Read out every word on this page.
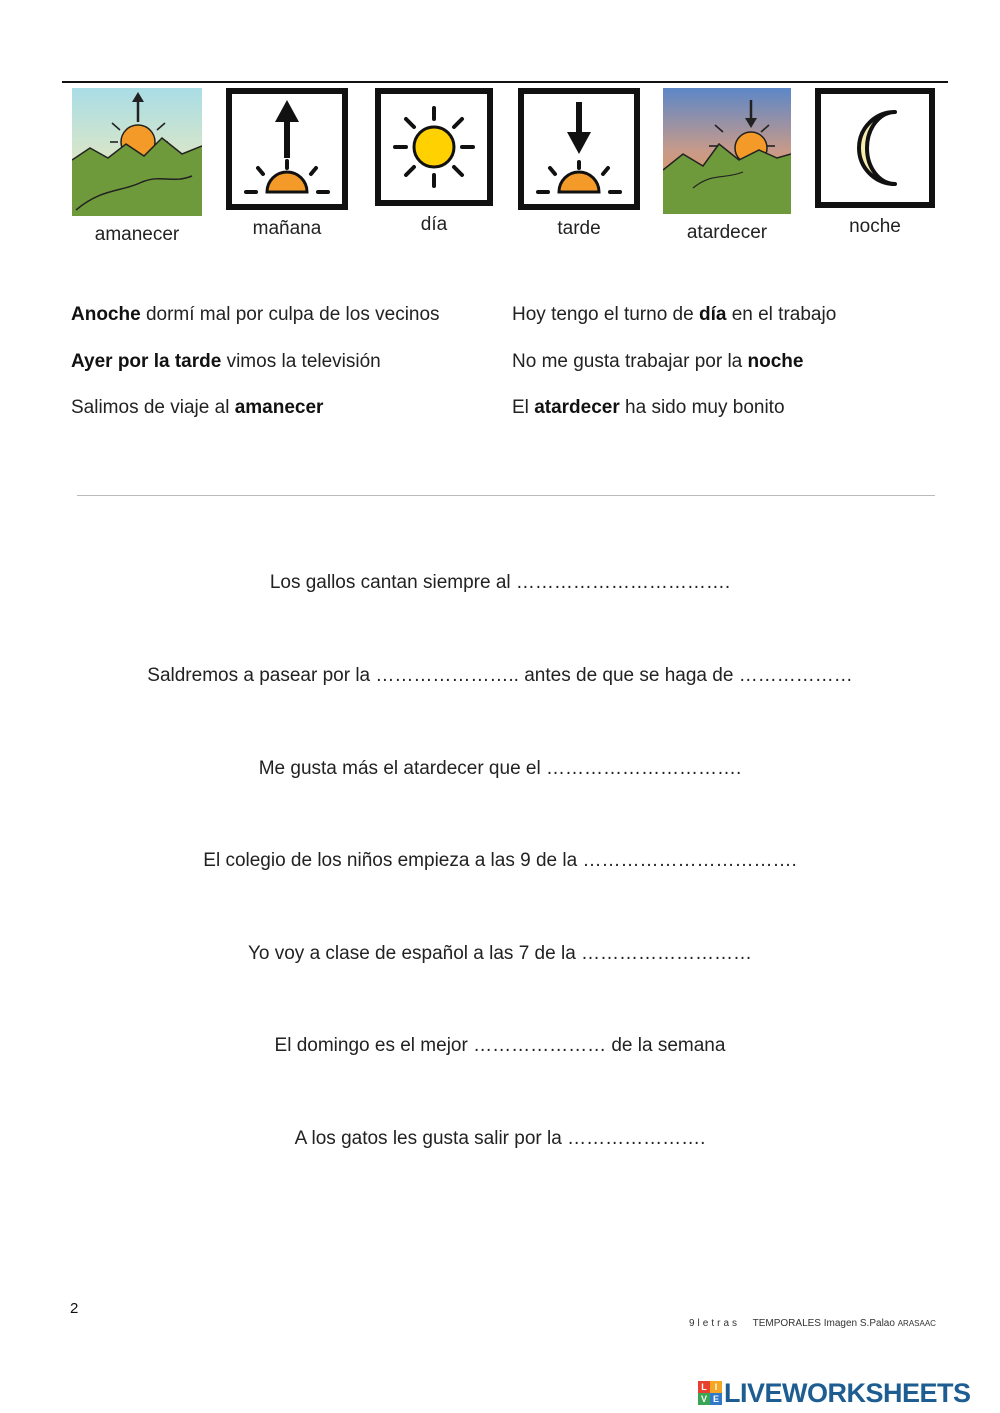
amanecer	mañana	día	tarde	atardecer	noche
Anoche dormí mal por culpa de los vecinos
Ayer por la tarde vimos la televisión
Salimos de viaje al amanecer
Hoy tengo el turno de día en el trabajo
No me gusta trabajar por la noche
El atardecer ha sido muy bonito
Los gallos cantan siempre al …………………………….
Saldremos a pasear por la ………………….. antes de que se haga de ………………
Me gusta más el atardecer que el ………………………….
El colegio de los niños empieza a las 9 de la …………………………….
Yo voy a clase de español a las 7 de la ………………………
El domingo es el mejor ………………… de la semana
A los gatos les gusta salir por la ………………….
2
9letras TEMPORALES Imagen S.Palao ARASAAC
L I
V E LIVEWORKSHEETS
